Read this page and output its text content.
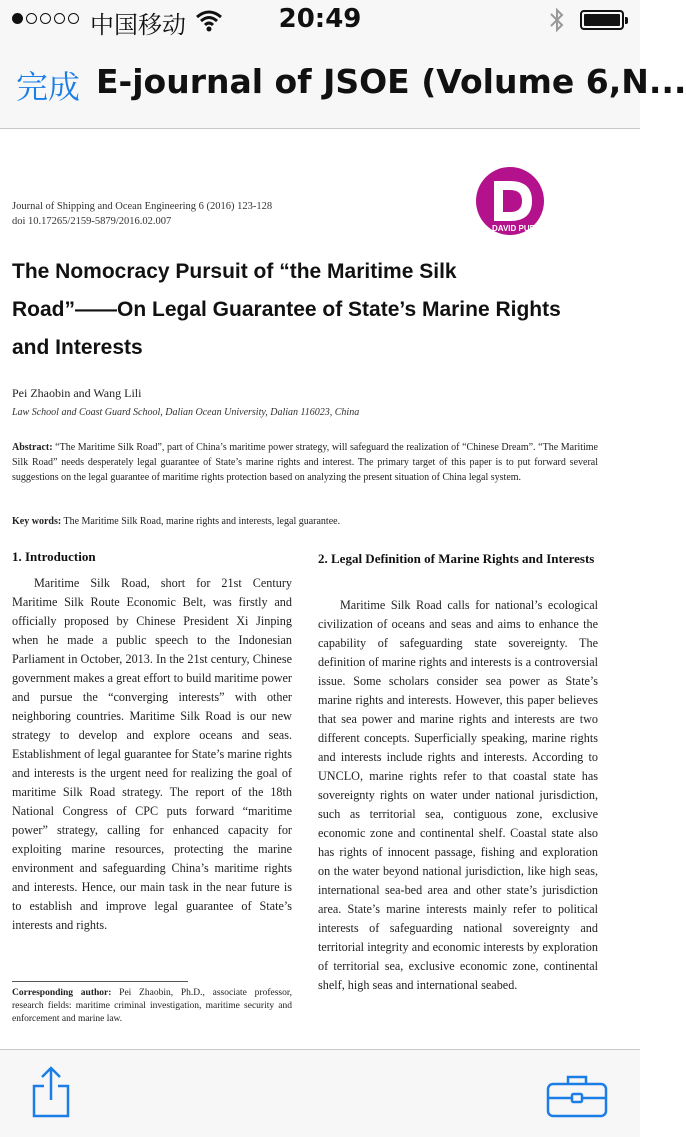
中国移动	20:49
完成 E-journal of JSOE (Volume 6,N...
Journal of Shipping and Ocean Engineering 6 (2016) 123-128
doi 10.17265/2159-5879/2016.02.007
DAVID PUBLISHING
The Nomocracy Pursuit of “the Maritime Silk
Road”——On Legal Guarantee of State’s Marine Rights
and Interests
Pei Zhaobin and Wang Lili
Law School and Coast Guard School, Dalian Ocean University, Dalian 116023, China
Abstract: “The Maritime Silk Road”, part of China’s maritime power strategy, will safeguard the realization of “Chinese Dream”. “The Maritime Silk Road” needs desperately legal guarantee of State’s marine rights and interest. The primary target of this paper is to put forward several suggestions on the legal guarantee of maritime rights protection based on analyzing the present situation of China legal system.
Key words: The Maritime Silk Road, marine rights and interests, legal guarantee.
1. Introduction
Maritime Silk Road, short for 21st Century Maritime Silk Route Economic Belt, was firstly and officially proposed by Chinese President Xi Jinping when he made a public speech to the Indonesian Parliament in October, 2013. In the 21st century, Chinese government makes a great effort to build maritime power and pursue the “converging interests” with other neighboring countries. Maritime Silk Road is our new strategy to develop and explore oceans and seas. Establishment of legal guarantee for State’s marine rights and interests is the urgent need for realizing the goal of maritime Silk Road strategy. The report of the 18th National Congress of CPC puts forward “maritime power” strategy, calling for enhanced capacity for exploiting marine resources, protecting the marine environment and safeguarding China’s maritime rights and interests. Hence, our main task in the near future is to establish and improve legal guarantee of State’s interests and rights.
Corresponding author: Pei Zhaobin, Ph.D., associate professor, research fields: maritime criminal investigation, maritime security and enforcement and marine law.
2. Legal Definition of Marine Rights and Interests
Maritime Silk Road calls for national’s ecological civilization of oceans and seas and aims to enhance the capability of safeguarding state sovereignty. The definition of marine rights and interests is a controversial issue. Some scholars consider sea power as State’s marine rights and interests. However, this paper believes that sea power and marine rights and interests are two different concepts. Superficially speaking, marine rights and interests include rights and interests. According to UNCLO, marine rights refer to that coastal state has sovereignty rights on water under national jurisdiction, such as territorial sea, contiguous zone, exclusive economic zone and continental shelf. Coastal state also has rights of innocent passage, fishing and exploration on the water beyond national jurisdiction, like high seas, international sea-bed area and other state’s jurisdiction area. State’s marine interests mainly refer to political interests of safeguarding national sovereignty and territorial integrity and economic interests by exploration of territorial sea, exclusive economic zone, continental shelf, high seas and international seabed.
